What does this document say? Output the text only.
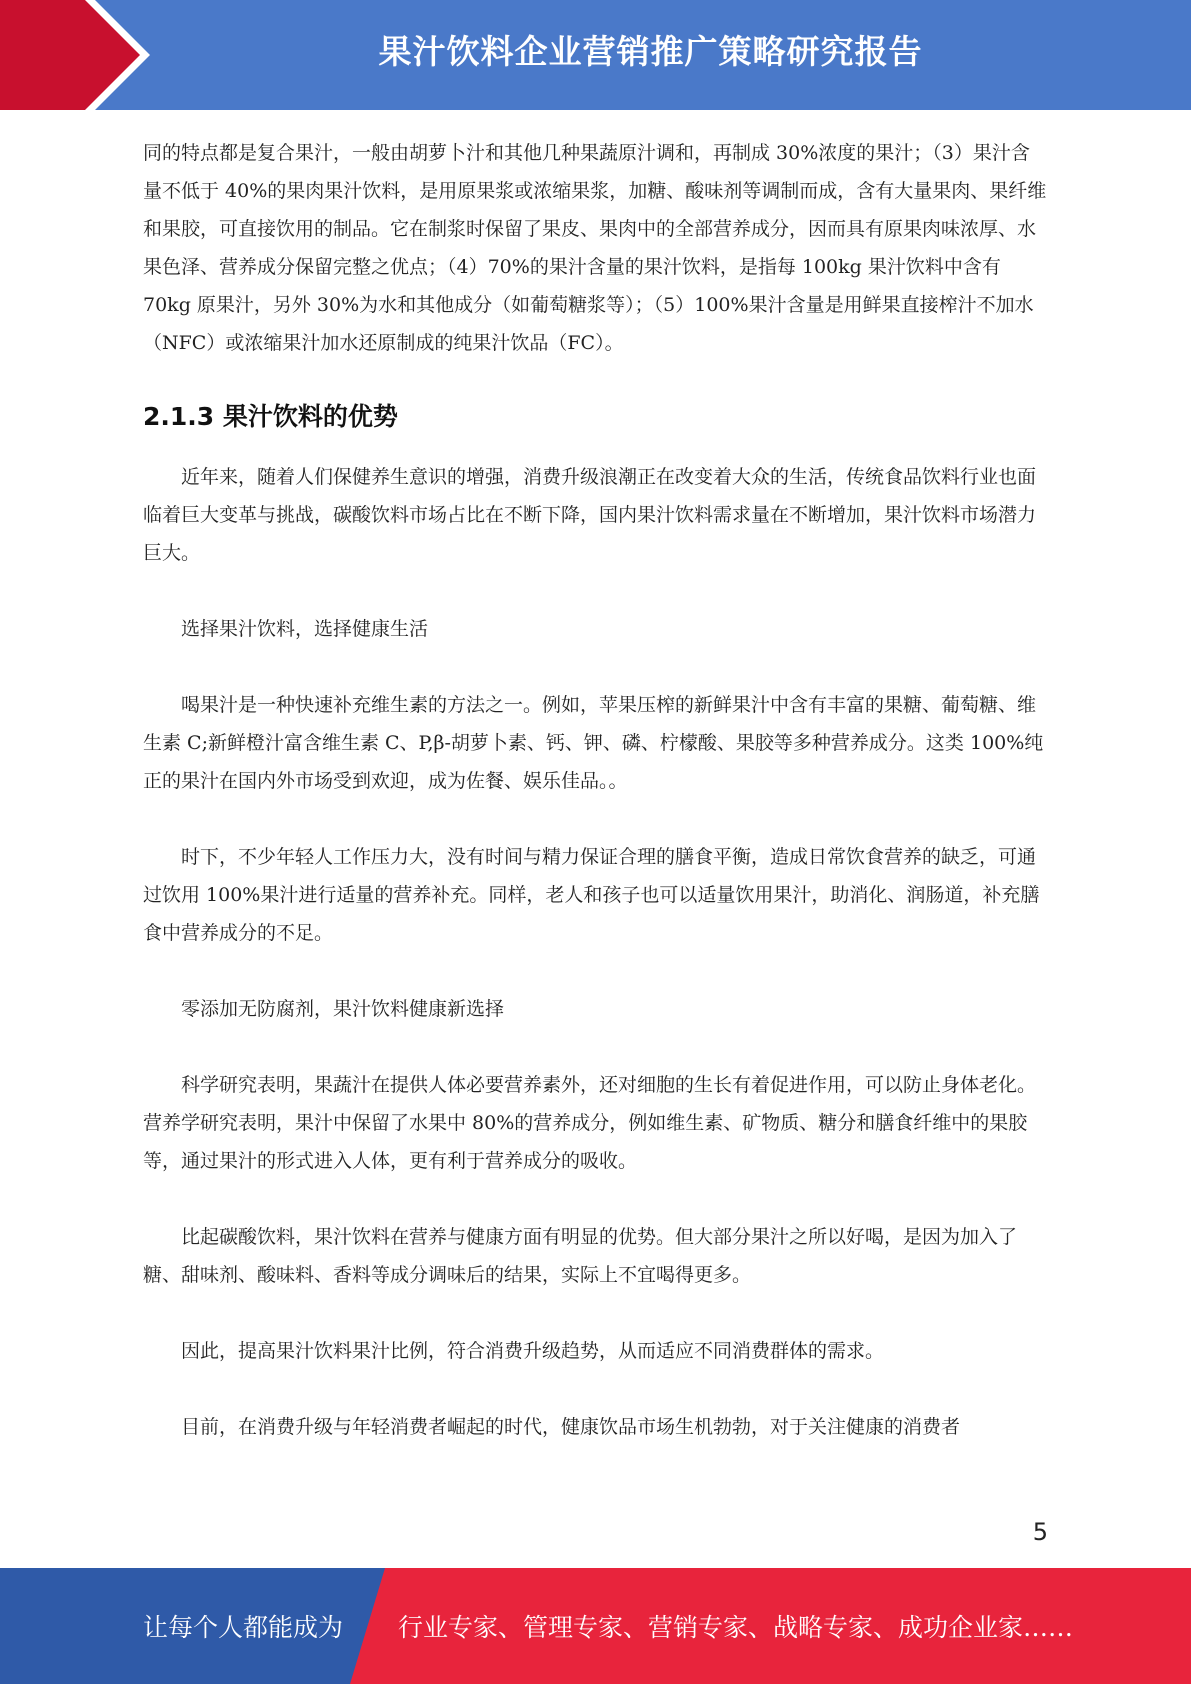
果汁饮料企业营销推广策略研究报告

同的特点都是复合果汁，一般由胡萝卜汁和其他几种果蔬原汁调和，再制成 30%浓度的果汁；（3）果汁含量不低于 40%的果肉果汁饮料，是用原果浆或浓缩果浆，加糖、酸味剂等调制而成，含有大量果肉、果纤维和果胶，可直接饮用的制品。它在制浆时保留了果皮、果肉中的全部营养成分，因而具有原果肉味浓厚、水果色泽、营养成分保留完整之优点；（4）70%的果汁含量的果汁饮料，是指每 100kg 果汁饮料中含有 70kg 原果汁，另外 30%为水和其他成分（如葡萄糖浆等）；（5）100%果汁含量是用鲜果直接榨汁不加水（NFC）或浓缩果汁加水还原制成的纯果汁饮品（FC）。

2.1.3 果汁饮料的优势

近年来，随着人们保健养生意识的增强，消费升级浪潮正在改变着大众的生活，传统食品饮料行业也面临着巨大变革与挑战，碳酸饮料市场占比在不断下降，国内果汁饮料需求量在不断增加，果汁饮料市场潜力巨大。

选择果汁饮料，选择健康生活

喝果汁是一种快速补充维生素的方法之一。例如，苹果压榨的新鲜果汁中含有丰富的果糖、葡萄糖、维生素 C;新鲜橙汁富含维生素 C、P,β-胡萝卜素、钙、钾、磷、柠檬酸、果胶等多种营养成分。这类 100%纯正的果汁在国内外市场受到欢迎，成为佐餐、娱乐佳品。。

时下，不少年轻人工作压力大，没有时间与精力保证合理的膳食平衡，造成日常饮食营养的缺乏，可通过饮用 100%果汁进行适量的营养补充。同样，老人和孩子也可以适量饮用果汁，助消化、润肠道，补充膳食中营养成分的不足。

零添加无防腐剂，果汁饮料健康新选择

科学研究表明，果蔬汁在提供人体必要营养素外，还对细胞的生长有着促进作用，可以防止身体老化。营养学研究表明，果汁中保留了水果中 80%的营养成分，例如维生素、矿物质、糖分和膳食纤维中的果胶等，通过果汁的形式进入人体，更有利于营养成分的吸收。

比起碳酸饮料，果汁饮料在营养与健康方面有明显的优势。但大部分果汁之所以好喝，是因为加入了糖、甜味剂、酸味料、香料等成分调味后的结果，实际上不宜喝得更多。

因此，提高果汁饮料果汁比例，符合消费升级趋势，从而适应不同消费群体的需求。

目前，在消费升级与年轻消费者崛起的时代，健康饮品市场生机勃勃，对于关注健康的消费者

5
让每个人都能成为 行业专家、管理专家、营销专家、战略专家、成功企业家……
